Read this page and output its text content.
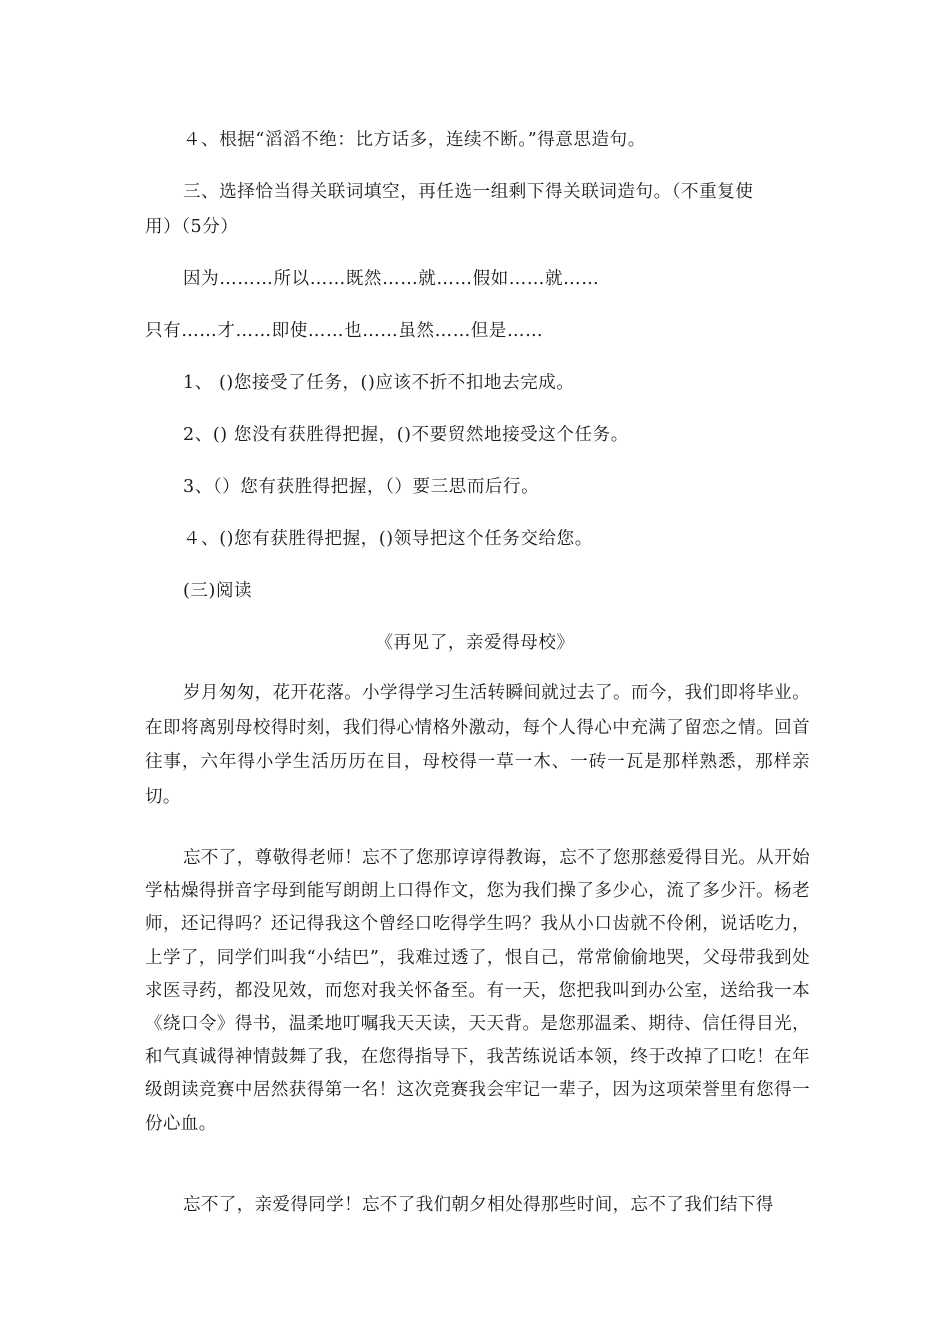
４、根据“滔滔不绝：比方话多，连续不断。”得意思造句。
三、选择恰当得关联词填空，再任选一组剩下得关联词造句。（不重复使
用）（5分）
因为………所以……既然……就……假如……就……
只有……才……即使……也……虽然……但是……
1、 ()您接受了任务，()应该不折不扣地去完成。
2、() 您没有获胜得把握，()不要贸然地接受这个任务。
3、（）您有获胜得把握，（）要三思而后行。
４、()您有获胜得把握，()领导把这个任务交给您。
(三)阅读
《再见了，亲爱得母校》
岁月匆匆，花开花落。小学得学习生活转瞬间就过去了。而今，我们即将毕业。在即将离别母校得时刻，我们得心情格外激动，每个人得心中充满了留恋之情。回首往事，六年得小学生活历历在目，母校得一草一木、一砖一瓦是那样熟悉，那样亲切。
忘不了，尊敬得老师！忘不了您那谆谆得教诲，忘不了您那慈爱得目光。从开始学枯燥得拼音字母到能写朗朗上口得作文，您为我们操了多少心，流了多少汗。杨老师，还记得吗？还记得我这个曾经口吃得学生吗？我从小口齿就不伶俐，说话吃力，上学了，同学们叫我“小结巴”，我难过透了，恨自己，常常偷偷地哭，父母带我到处求医寻药，都没见效，而您对我关怀备至。有一天，您把我叫到办公室，送给我一本《绕口令》得书，温柔地叮嘱我天天读，天天背。是您那温柔、期待、信任得目光，和气真诚得神情鼓舞了我，在您得指导下，我苦练说话本领，终于改掉了口吃！在年级朗读竞赛中居然获得第一名！这次竞赛我会牢记一辈子，因为这项荣誉里有您得一份心血。
忘不了，亲爱得同学！忘不了我们朝夕相处得那些时间，忘不了我们结下得
